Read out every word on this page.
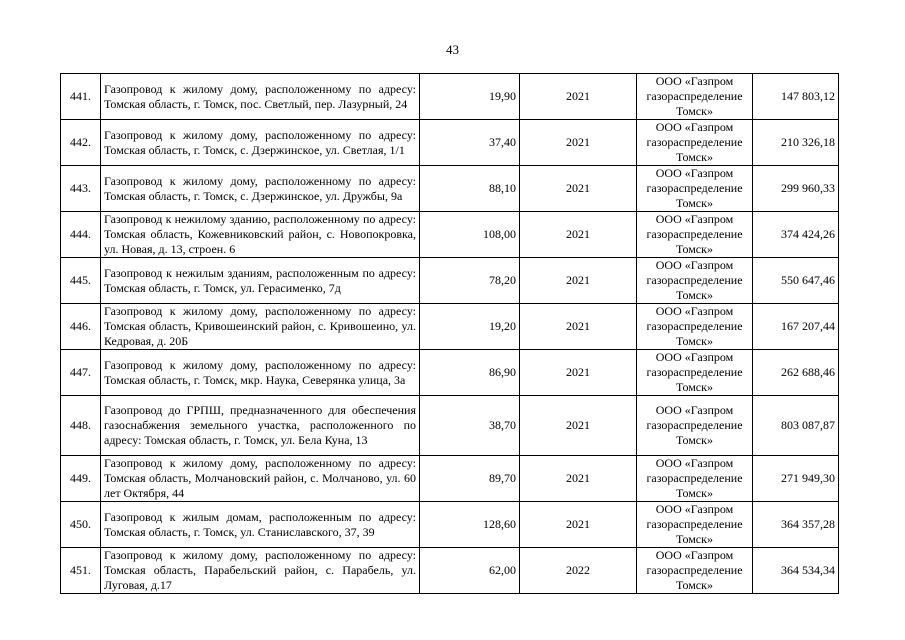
43
441.	Газопровод к жилому дому, расположенному по адресу: Томская область, г. Томск, пос. Светлый, пер. Лазурный, 24	19,90	2021	ООО «Газпром
газораспределение
Томск»	147 803,12
442.	Газопровод к жилому дому, расположенному по адресу: Томская область, г. Томск, с. Дзержинское, ул. Светлая, 1/1	37,40	2021	ООО «Газпром
газораспределение
Томск»	210 326,18
443.	Газопровод к жилому дому, расположенному по адресу: Томская область, г. Томск, с. Дзержинское, ул. Дружбы, 9а	88,10	2021	ООО «Газпром
газораспределение
Томск»	299 960,33
444.	Газопровод к нежилому зданию, расположенному по адресу: Томская область, Кожевниковский район, с. Новопокровка, ул. Новая, д. 13, строен. 6	108,00	2021	ООО «Газпром
газораспределение
Томск»	374 424,26
445.	Газопровод к нежилым зданиям, расположенным по адресу: Томская область, г. Томск, ул. Герасименко, 7д	78,20	2021	ООО «Газпром
газораспределение
Томск»	550 647,46
446.	Газопровод к жилому дому, расположенному по адресу: Томская область, Кривошеинский район, с. Кривошеино, ул. Кедровая, д. 20Б	19,20	2021	ООО «Газпром
газораспределение
Томск»	167 207,44
447.	Газопровод к жилому дому, расположенному по адресу: Томская область, г. Томск, мкр. Наука, Северянка улица, 3а	86,90	2021	ООО «Газпром
газораспределение
Томск»	262 688,46
448.	Газопровод до ГРПШ, предназначенного для обеспечения газоснабжения земельного участка, расположенного по адресу: Томская область, г. Томск, ул. Бела Куна, 13	38,70	2021	ООО «Газпром
газораспределение
Томск»	803 087,87
449.	Газопровод к жилому дому, расположенному по адресу: Томская область, Молчановский район, с. Молчаново, ул. 60 лет Октября, 44	89,70	2021	ООО «Газпром
газораспределение
Томск»	271 949,30
450.	Газопровод к жилым домам, расположенным по адресу: Томская область, г. Томск, ул. Станиславского, 37, 39	128,60	2021	ООО «Газпром
газораспределение
Томск»	364 357,28
451.	Газопровод к жилому дому, расположенному по адресу: Томская область, Парабельский район, с. Парабель, ул. Луговая, д.17	62,00	2022	ООО «Газпром
газораспределение
Томск»	364 534,34
